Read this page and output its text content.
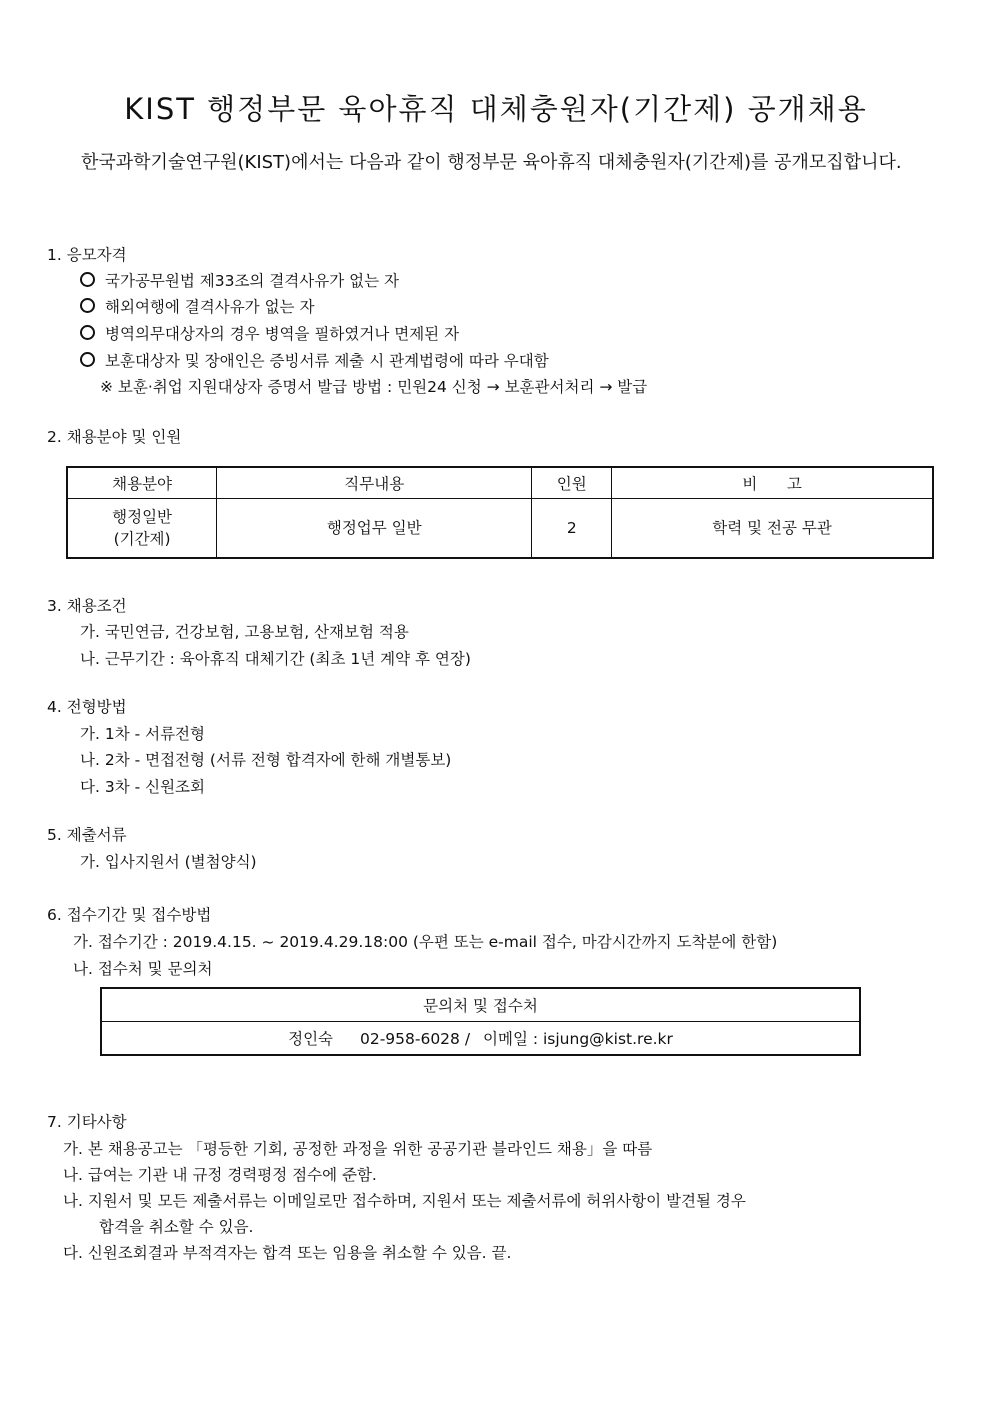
KIST 행정부문 육아휴직 대체충원자(기간제) 공개채용
한국과학기술연구원(KIST)에서는 다음과 같이 행정부문 육아휴직 대체충원자(기간제)를 공개모집합니다.
1. 응모자격
국가공무원법 제33조의 결격사유가 없는 자
해외여행에 결격사유가 없는 자
병역의무대상자의 경우 병역을 필하였거나 면제된 자
보훈대상자 및 장애인은 증빙서류 제출 시 관계법령에 따라 우대함
※ 보훈·취업 지원대상자 증명서 발급 방법 : 민원24 신청 → 보훈관서처리 → 발급
2. 채용분야 및 인원
채용분야	직무내용	인원	비      고

행정일반
(기간제)	행정업무 일반	2	학력 및 전공 무관
3. 채용조건
가. 국민연금, 건강보험, 고용보험, 산재보험 적용
나. 근무기간 : 육아휴직 대체기간 (최초 1년 계약 후 연장)
4. 전형방법
가. 1차 - 서류전형
나. 2차 - 면접전형 (서류 전형 합격자에 한해 개별통보)
다. 3차 - 신원조회
5. 제출서류
가. 입사지원서 (별첨양식)
6. 접수기간 및 접수방법
가. 접수기간 : 2019.4.15. ~ 2019.4.29.18:00 (우편 또는 e-mail 접수, 마감시간까지 도착분에 한함)
나. 접수처 및 문의처
문의처 및 접수처
정인숙 02-958-6028 / 이메일 : isjung@kist.re.kr
7. 기타사항
가. 본 채용공고는 「평등한 기회, 공정한 과정을 위한 공공기관 블라인드 채용」을 따름
나. 급여는 기관 내 규정 경력평정 점수에 준함.
나. 지원서 및 모든 제출서류는 이메일로만 접수하며, 지원서 또는 제출서류에 허위사항이 발견될 경우
합격을 취소할 수 있음.
다. 신원조회결과 부적격자는 합격 또는 임용을 취소할 수 있음. 끝.
